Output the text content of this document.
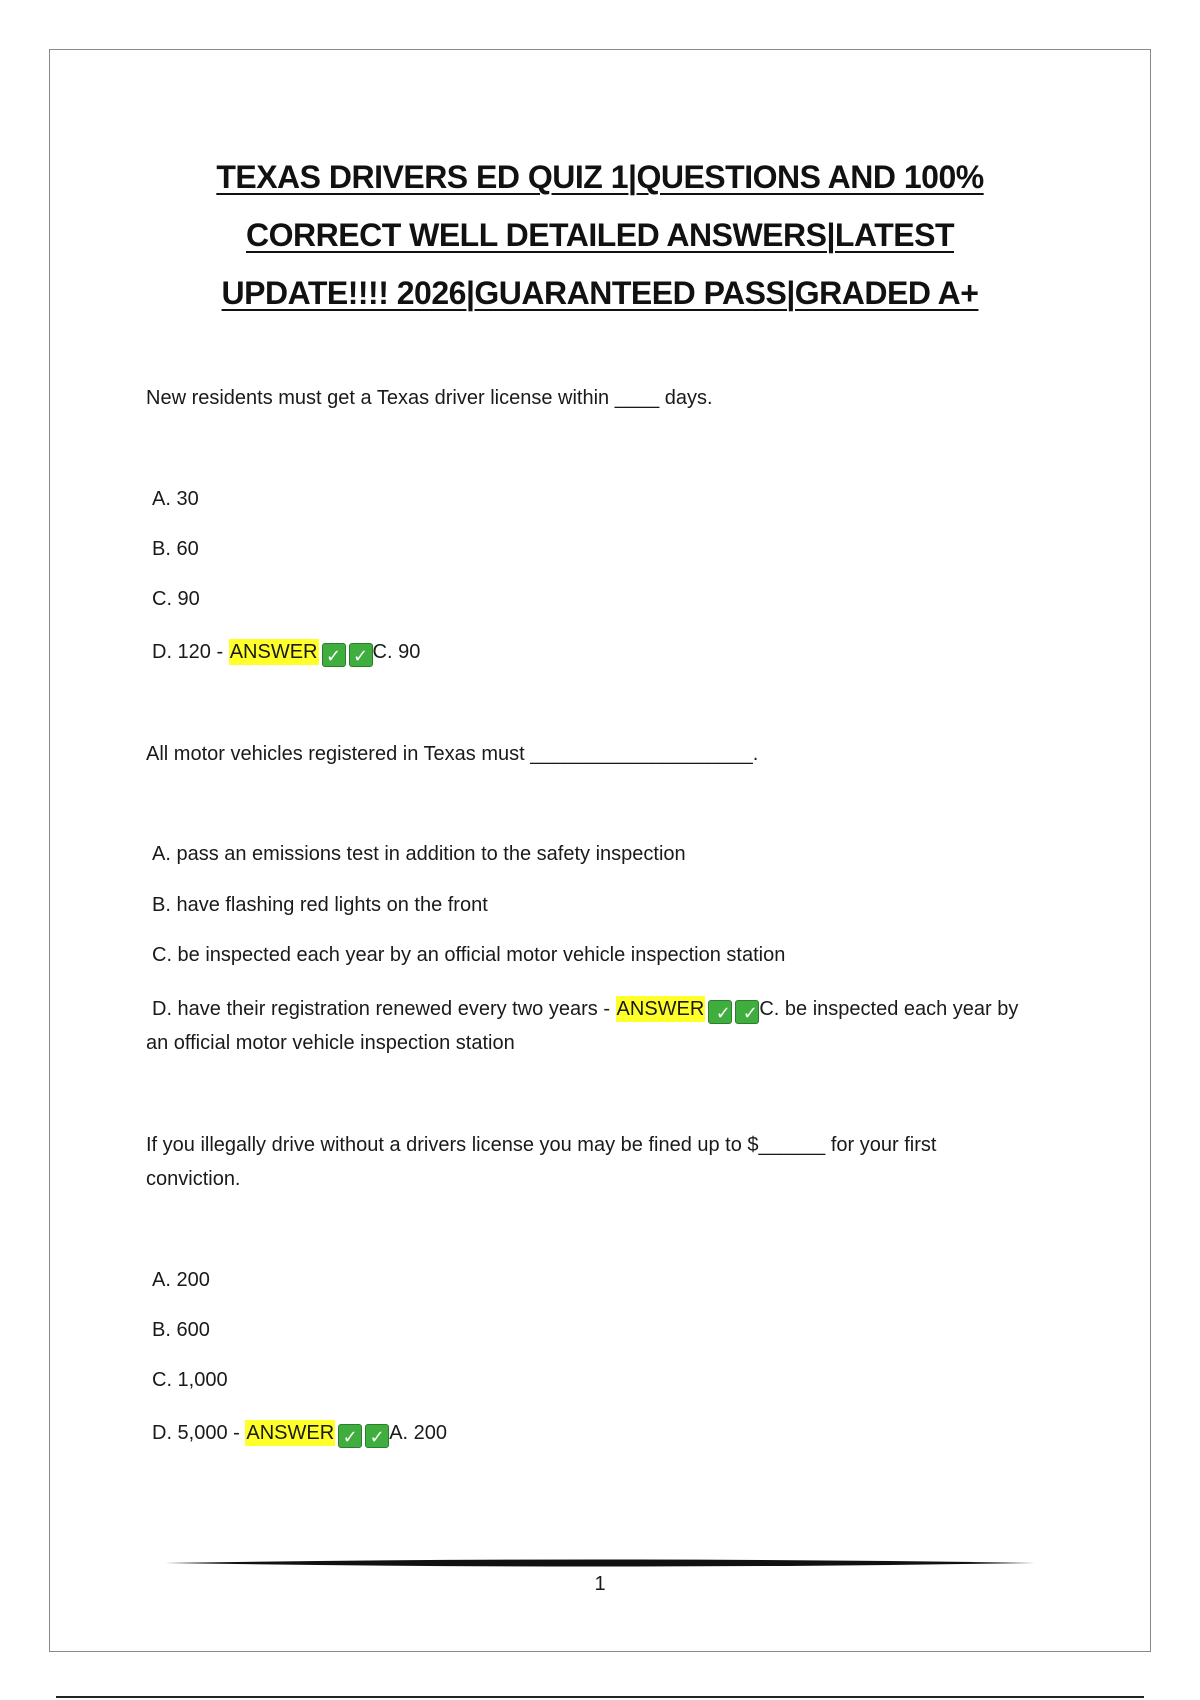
TEXAS DRIVERS ED QUIZ 1|QUESTIONS AND 100%
CORRECT WELL DETAILED ANSWERS|LATEST
UPDATE!!!! 2026|GUARANTEED PASS|GRADED A+
New residents must get a Texas driver license within ____ days.
A. 30
B. 60
C. 90
D. 120 - ANSWER ✓ ✓ C. 90
All motor vehicles registered in Texas must ____________________.
A. pass an emissions test in addition to the safety inspection
B. have flashing red lights on the front
C. be inspected each year by an official motor vehicle inspection station
D. have their registration renewed every two years - ANSWER ✓ ✓C. be inspected each year by an official motor vehicle inspection station
If you illegally drive without a drivers license you may be fined up to $______ for your first conviction.
A. 200
B. 600
C. 1,000
D. 5,000 - ANSWER ✓ ✓ A. 200
1
